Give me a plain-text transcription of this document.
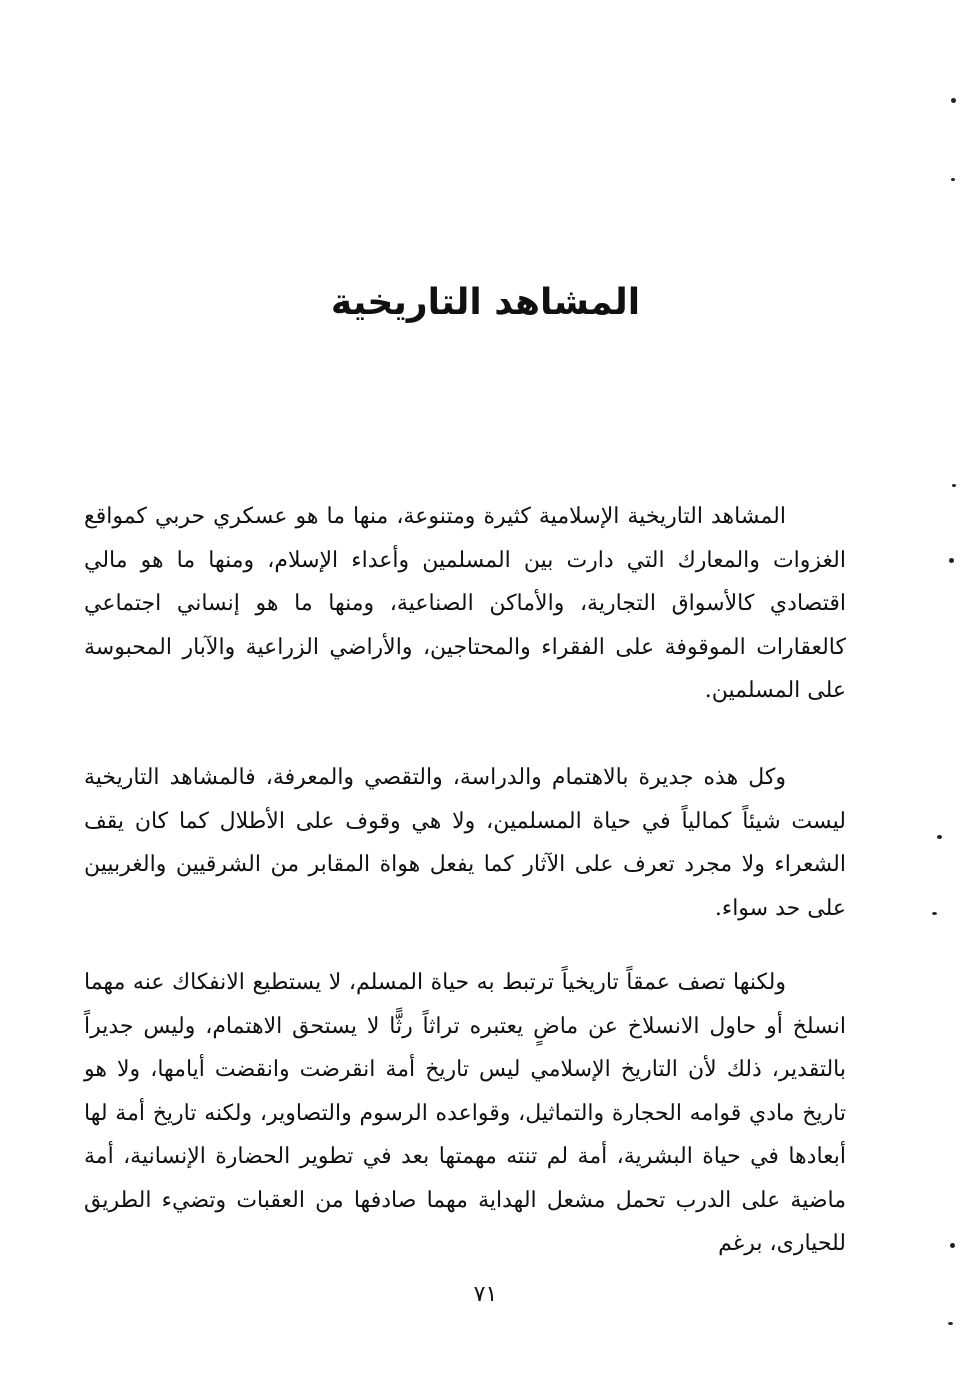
المشاهد التاريخية

المشاهد التاريخية الإسلامية كثيرة ومتنوعة، منها ما هو عسكري حربي كمواقع الغزوات والمعارك التي دارت بين المسلمين وأعداء الإسلام، ومنها ما هو مالي اقتصادي كالأسواق التجارية، والأماكن الصناعية، ومنها ما هو إنساني اجتماعي كالعقارات الموقوفة على الفقراء والمحتاجين، والأراضي الزراعية والآبار المحبوسة على المسلمين.

وكل هذه جديرة بالاهتمام والدراسة، والتقصي والمعرفة، فالمشاهد التاريخية ليست شيئاً كمالياً في حياة المسلمين، ولا هي وقوف على الأطلال كما كان يقف الشعراء ولا مجرد تعرف على الآثار كما يفعل هواة المقابر من الشرقيين والغربيين على حد سواء.

ولكنها تصف عمقاً تاريخياً ترتبط به حياة المسلم، لا يستطيع الانفكاك عنه مهما انسلخ أو حاول الانسلاخ عن ماضٍ يعتبره تراثاً رثًّا لا يستحق الاهتمام، وليس جديراً بالتقدير، ذلك لأن التاريخ الإسلامي ليس تاريخ أمة انقرضت وانقضت أيامها، ولا هو تاريخ مادي قوامه الحجارة والتماثيل، وقواعده الرسوم والتصاوير، ولكنه تاريخ أمة لها أبعادها في حياة البشرية، أمة لم تنته مهمتها بعد في تطوير الحضارة الإنسانية، أمة ماضية على الدرب تحمل مشعل الهداية مهما صادفها من العقبات وتضيء الطريق للحيارى، برغم

٧١
